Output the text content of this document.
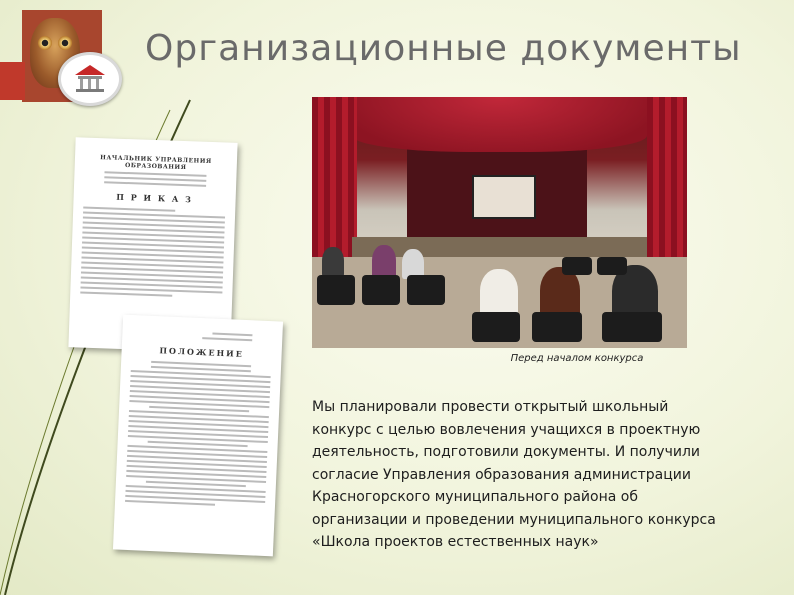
Организационные документы
НАЧАЛЬНИК УПРАВЛЕНИЯ ОБРАЗОВАНИЯ
П Р И К А З
ПОЛОЖЕНИЕ	Перед началом конкурса

Мы планировали провести открытый школьный конкурс с целью вовлечения учащихся в проектную деятельность, подготовили документы. И получили согласие Управления образования администрации Красногорского муниципального района об организации и проведении муниципального конкурса «Школа проектов естественных наук»
